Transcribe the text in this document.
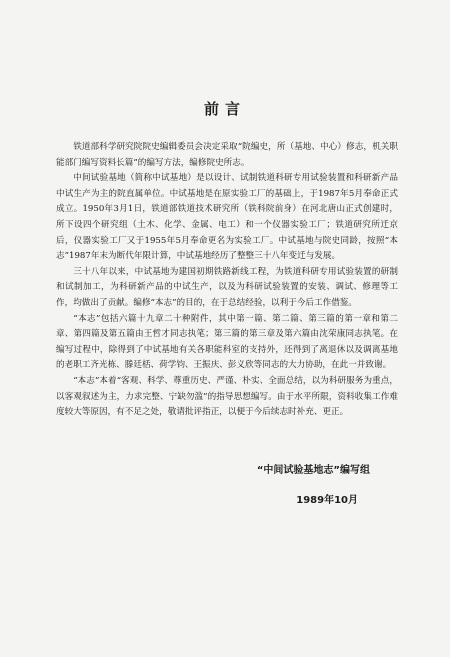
前言

铁道部科学研究院院史编辑委员会决定采取“院编史，所（基地、中心）修志，机关职能部门编写资料长篇”的编写方法，编修院史所志。

中间试验基地（简称中试基地）是以设计、试制铁道科研专用试验装置和科研新产品中试生产为主的院直属单位。中试基地是在原实验工厂的基础上，于1987年5月奉命正式成立。1950年3月1日，铁道部铁道技术研究所（铁科院前身）在河北唐山正式创建时，所下设四个研究组（土木、化学、金属、电工）和一个仪器实验工厂；铁道研究所迁京后，仪器实验工厂又于1955年5月奉命更名为实验工厂。中试基地与院史同龄，按照“本志”1987年末为断代年限计算，中试基地经历了整整三十八年变迁与发展。

三十八年以来，中试基地为建国初期铁路新线工程，为铁道科研专用试验装置的研制和试制加工，为科研新产品的中试生产，以及为科研试验装置的安装、调试、修理等工作，均做出了贡献。编修“本志”的目的，在于总结经验，以利于今后工作借鉴。

“本志”包括六篇十九章二十种附件，其中第一篇、第二篇、第三篇的第一章和第二章、第四篇及第五篇由王哲才同志执笔；第三篇的第三章及第六篇由沈荣康同志执笔。在编写过程中，除得到了中试基地有关各职能科室的支持外，还得到了离退休以及调离基地的老职工齐光栋、滕廷栝、荷学钧、王振庆、彭义欣等同志的大力协助，在此一并致谢。

“本志”本着“客观、科学、尊重历史、严谨、朴实、全面总结，以为科研服务为重点，以客观叙述为主，力求完整、宁缺勿滥”的指导思想编写。由于水平所限，资料收集工作难度较大等原因，有不足之处，敬请批评指正，以便于今后续志时补充、更正。

“中间试验基地志”编写组
1989年10月
